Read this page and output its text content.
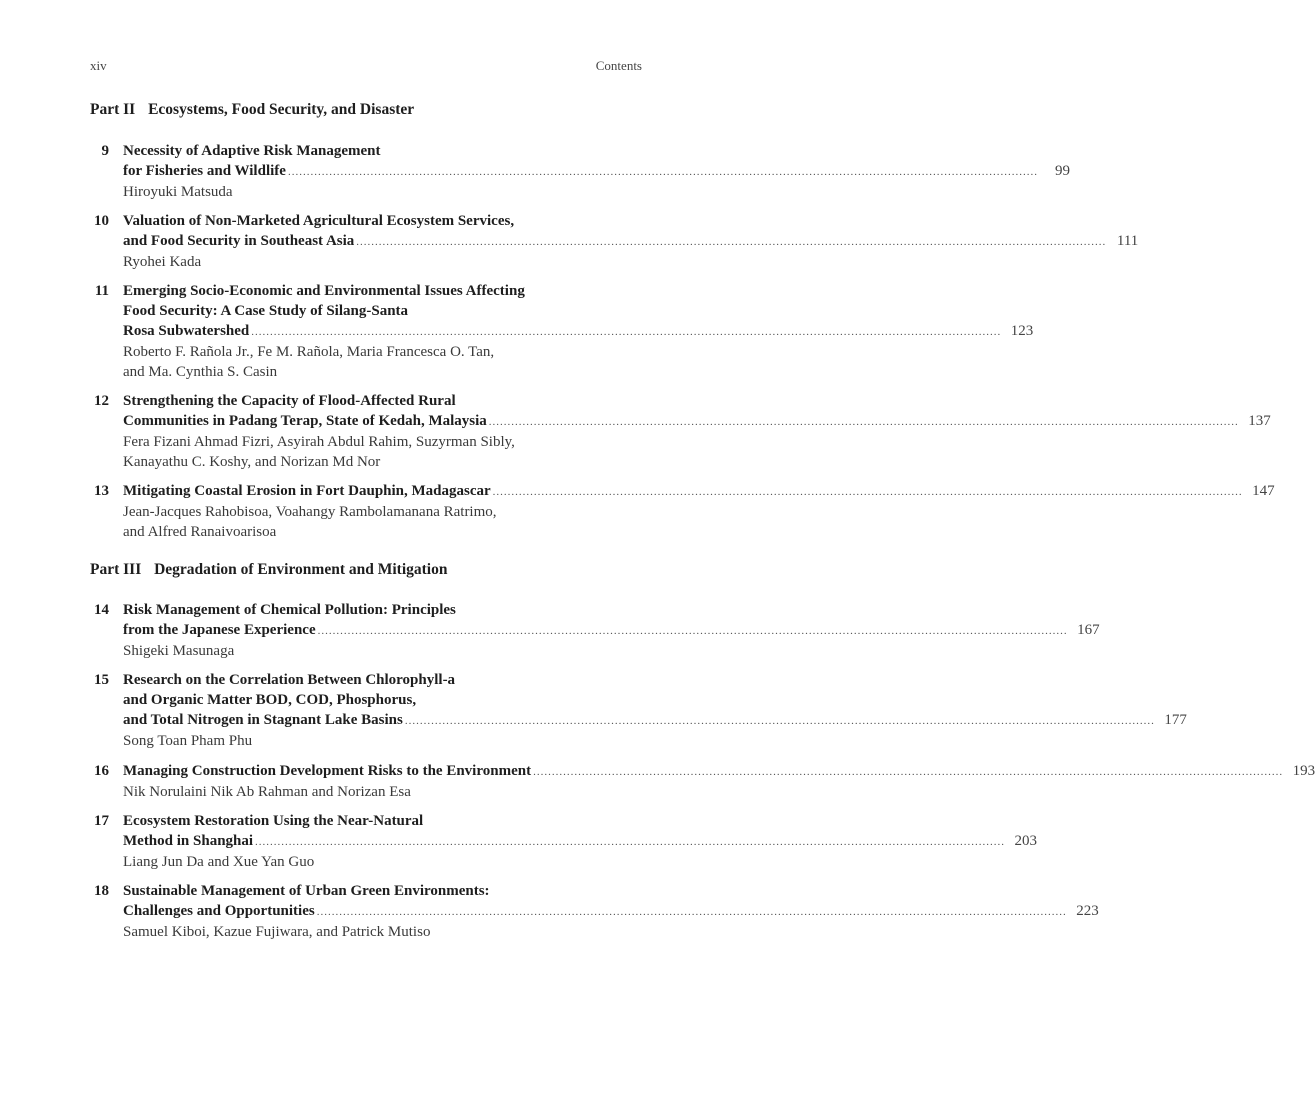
xiv	Contents
Part II Ecosystems, Food Security, and Disaster
9 Necessity of Adaptive Risk Management
for Fisheries and Wildlife ........................................................................................................................................................................................................	99
Hiroyuki Matsuda
10 Valuation of Non-Marketed Agricultural Ecosystem Services,
and Food Security in Southeast Asia ........................................................................................................................................................................................................ 111
Ryohei Kada
11 Emerging Socio-Economic and Environmental Issues Affecting
Food Security: A Case Study of Silang-Santa
Rosa Subwatershed ........................................................................................................................................................................................................ 123
Roberto F. Rañola Jr., Fe M. Rañola, Maria Francesca O. Tan,
and Ma. Cynthia S. Casin
12 Strengthening the Capacity of Flood-Affected Rural
Communities in Padang Terap, State of Kedah, Malaysia ........................................................................................................................................................................................................ 137
Fera Fizani Ahmad Fizri, Asyirah Abdul Rahim, Suzyrman Sibly,
Kanayathu C. Koshy, and Norizan Md Nor
13 Mitigating Coastal Erosion in Fort Dauphin, Madagascar ........................................................................................................................................................................................................ 147
Jean-Jacques Rahobisoa, Voahangy Rambolamanana Ratrimo,
and Alfred Ranaivoarisoa
Part III Degradation of Environment and Mitigation
14 Risk Management of Chemical Pollution: Principles
from the Japanese Experience ........................................................................................................................................................................................................ 167
Shigeki Masunaga
15 Research on the Correlation Between Chlorophyll-a
and Organic Matter BOD, COD, Phosphorus,
and Total Nitrogen in Stagnant Lake Basins ........................................................................................................................................................................................................ 177
Song Toan Pham Phu
16 Managing Construction Development Risks to the Environment ........................................................................................................................................................................................................ 193
Nik Norulaini Nik Ab Rahman and Norizan Esa
17 Ecosystem Restoration Using the Near-Natural
Method in Shanghai ........................................................................................................................................................................................................ 203
Liang Jun Da and Xue Yan Guo
18 Sustainable Management of Urban Green Environments:
Challenges and Opportunities ........................................................................................................................................................................................................ 223
Samuel Kiboi, Kazue Fujiwara, and Patrick Mutiso
